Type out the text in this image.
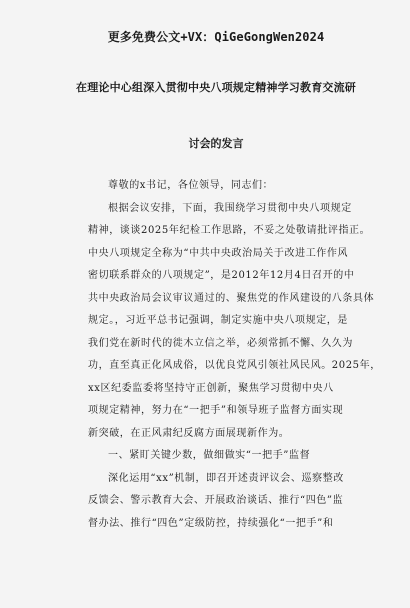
更多免费公文+VX：QiGeGongWen2024
在理论中心组深入贯彻中央八项规定精神学习教育交流研
讨会的发言

尊敬的x书记，各位领导，同志们：

根据会议安排，下面，我围绕学习贯彻中央八项规定
精神，谈谈2025年纪检工作思路，不妥之处敬请批评指正。

中央八项规定全称为“中共中央政治局关于改进工作作风
密切联系群众的八项规定”，是2012年12月4日召开的中
共中央政治局会议审议通过的、聚焦党的作风建设的八条具体
规定。，习近平总书记强调，制定实施中央八项规定，是
我们党在新时代的徙木立信之举，必须常抓不懈、久久为
功，直至真正化风成俗，以优良党风引领社风民风。2025年，
xx区纪委监委将坚持守正创新，聚焦学习贯彻中央八
项规定精神，努力在“一把手”和领导班子监督方面实现
新突破，在正风肃纪反腐方面展现新作为。

一、紧盯关键少数，做细做实“一把手”监督

深化运用“xx”机制，即召开述责评议会、巡察整改
反馈会、警示教育大会、开展政治谈话、推行“四色”监
督办法、推行“四色”定级防控，持续强化“一把手”和
